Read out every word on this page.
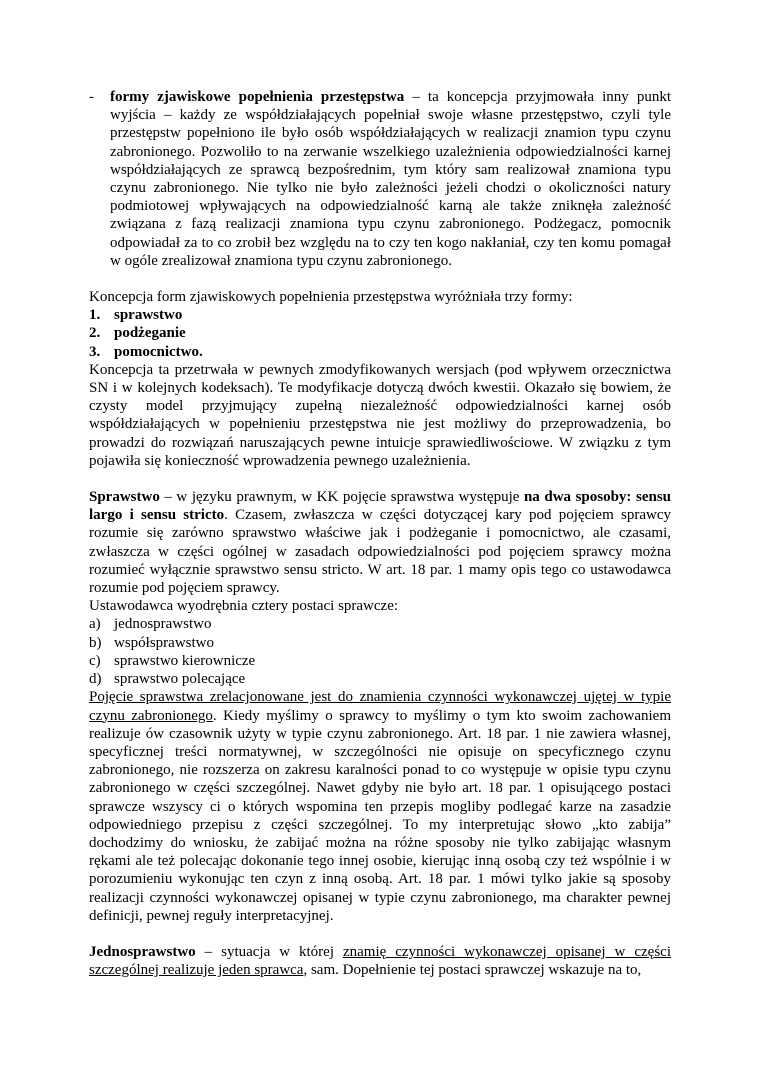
- formy zjawiskowe popełnienia przestępstwa – ta koncepcja przyjmowała inny punkt wyjścia – każdy ze współdziałających popełniał swoje własne przestępstwo, czyli tyle przestępstw popełniono ile było osób współdziałających w realizacji znamion typu czynu zabronionego. Pozwoliło to na zerwanie wszelkiego uzależnienia odpowiedzialności karnej współdziałających ze sprawcą bezpośrednim, tym który sam realizował znamiona typu czynu zabronionego. Nie tylko nie było zależności jeżeli chodzi o okoliczności natury podmiotowej wpływających na odpowiedzialność karną ale także zniknęła zależność związana z fazą realizacji znamiona typu czynu zabronionego. Podżegacz, pomocnik odpowiadał za to co zrobił bez względu na to czy ten kogo nakłaniał, czy ten komu pomagał w ogóle zrealizował znamiona typu czynu zabronionego.
Koncepcja form zjawiskowych popełnienia przestępstwa wyróżniała trzy formy:
1. sprawstwo
2. podżeganie
3. pomocnictwo.
Koncepcja ta przetrwała w pewnych zmodyfikowanych wersjach (pod wpływem orzecznictwa SN i w kolejnych kodeksach). Te modyfikacje dotyczą dwóch kwestii. Okazało się bowiem, że czysty model przyjmujący zupełną niezależność odpowiedzialności karnej osób współdziałających w popełnieniu przestępstwa nie jest możliwy do przeprowadzenia, bo prowadzi do rozwiązań naruszających pewne intuicje sprawiedliwościowe. W związku z tym pojawiła się konieczność wprowadzenia pewnego uzależnienia.
Sprawstwo – w języku prawnym, w KK pojęcie sprawstwa występuje na dwa sposoby: sensu largo i sensu stricto. Czasem, zwłaszcza w części dotyczącej kary pod pojęciem sprawcy rozumie się zarówno sprawstwo właściwe jak i podżeganie i pomocnictwo, ale czasami, zwłaszcza w części ogólnej w zasadach odpowiedzialności pod pojęciem sprawcy można rozumieć wyłącznie sprawstwo sensu stricto. W art. 18 par. 1 mamy opis tego co ustawodawca rozumie pod pojęciem sprawcy.
Ustawodawca wyodrębnia cztery postaci sprawcze:
a) jednosprawstwo
b) współsprawstwo
c) sprawstwo kierownicze
d) sprawstwo polecające
Pojęcie sprawstwa zrelacjonowane jest do znamienia czynności wykonawczej ujętej w typie czynu zabronionego. Kiedy myślimy o sprawcy to myślimy o tym kto swoim zachowaniem realizuje ów czasownik użyty w typie czynu zabronionego. Art. 18 par. 1 nie zawiera własnej, specyficznej treści normatywnej, w szczególności nie opisuje on specyficznego czynu zabronionego, nie rozszerza on zakresu karalności ponad to co występuje w opisie typu czynu zabronionego w części szczególnej. Nawet gdyby nie było art. 18 par. 1 opisującego postaci sprawcze wszyscy ci o których wspomina ten przepis mogliby podlegać karze na zasadzie odpowiedniego przepisu z części szczególnej. To my interpretując słowo „kto zabija” dochodzimy do wniosku, że zabijać można na różne sposoby nie tylko zabijając własnym rękami ale też polecając dokonanie tego innej osobie, kierując inną osobą czy też wspólnie i w porozumieniu wykonując ten czyn z inną osobą. Art. 18 par. 1 mówi tylko jakie są sposoby realizacji czynności wykonawczej opisanej w typie czynu zabronionego, ma charakter pewnej definicji, pewnej reguły interpretacyjnej.
Jednosprawstwo – sytuacja w której znamię czynności wykonawczej opisanej w części szczególnej realizuje jeden sprawca, sam. Dopełnienie tej postaci sprawczej wskazuje na to,
